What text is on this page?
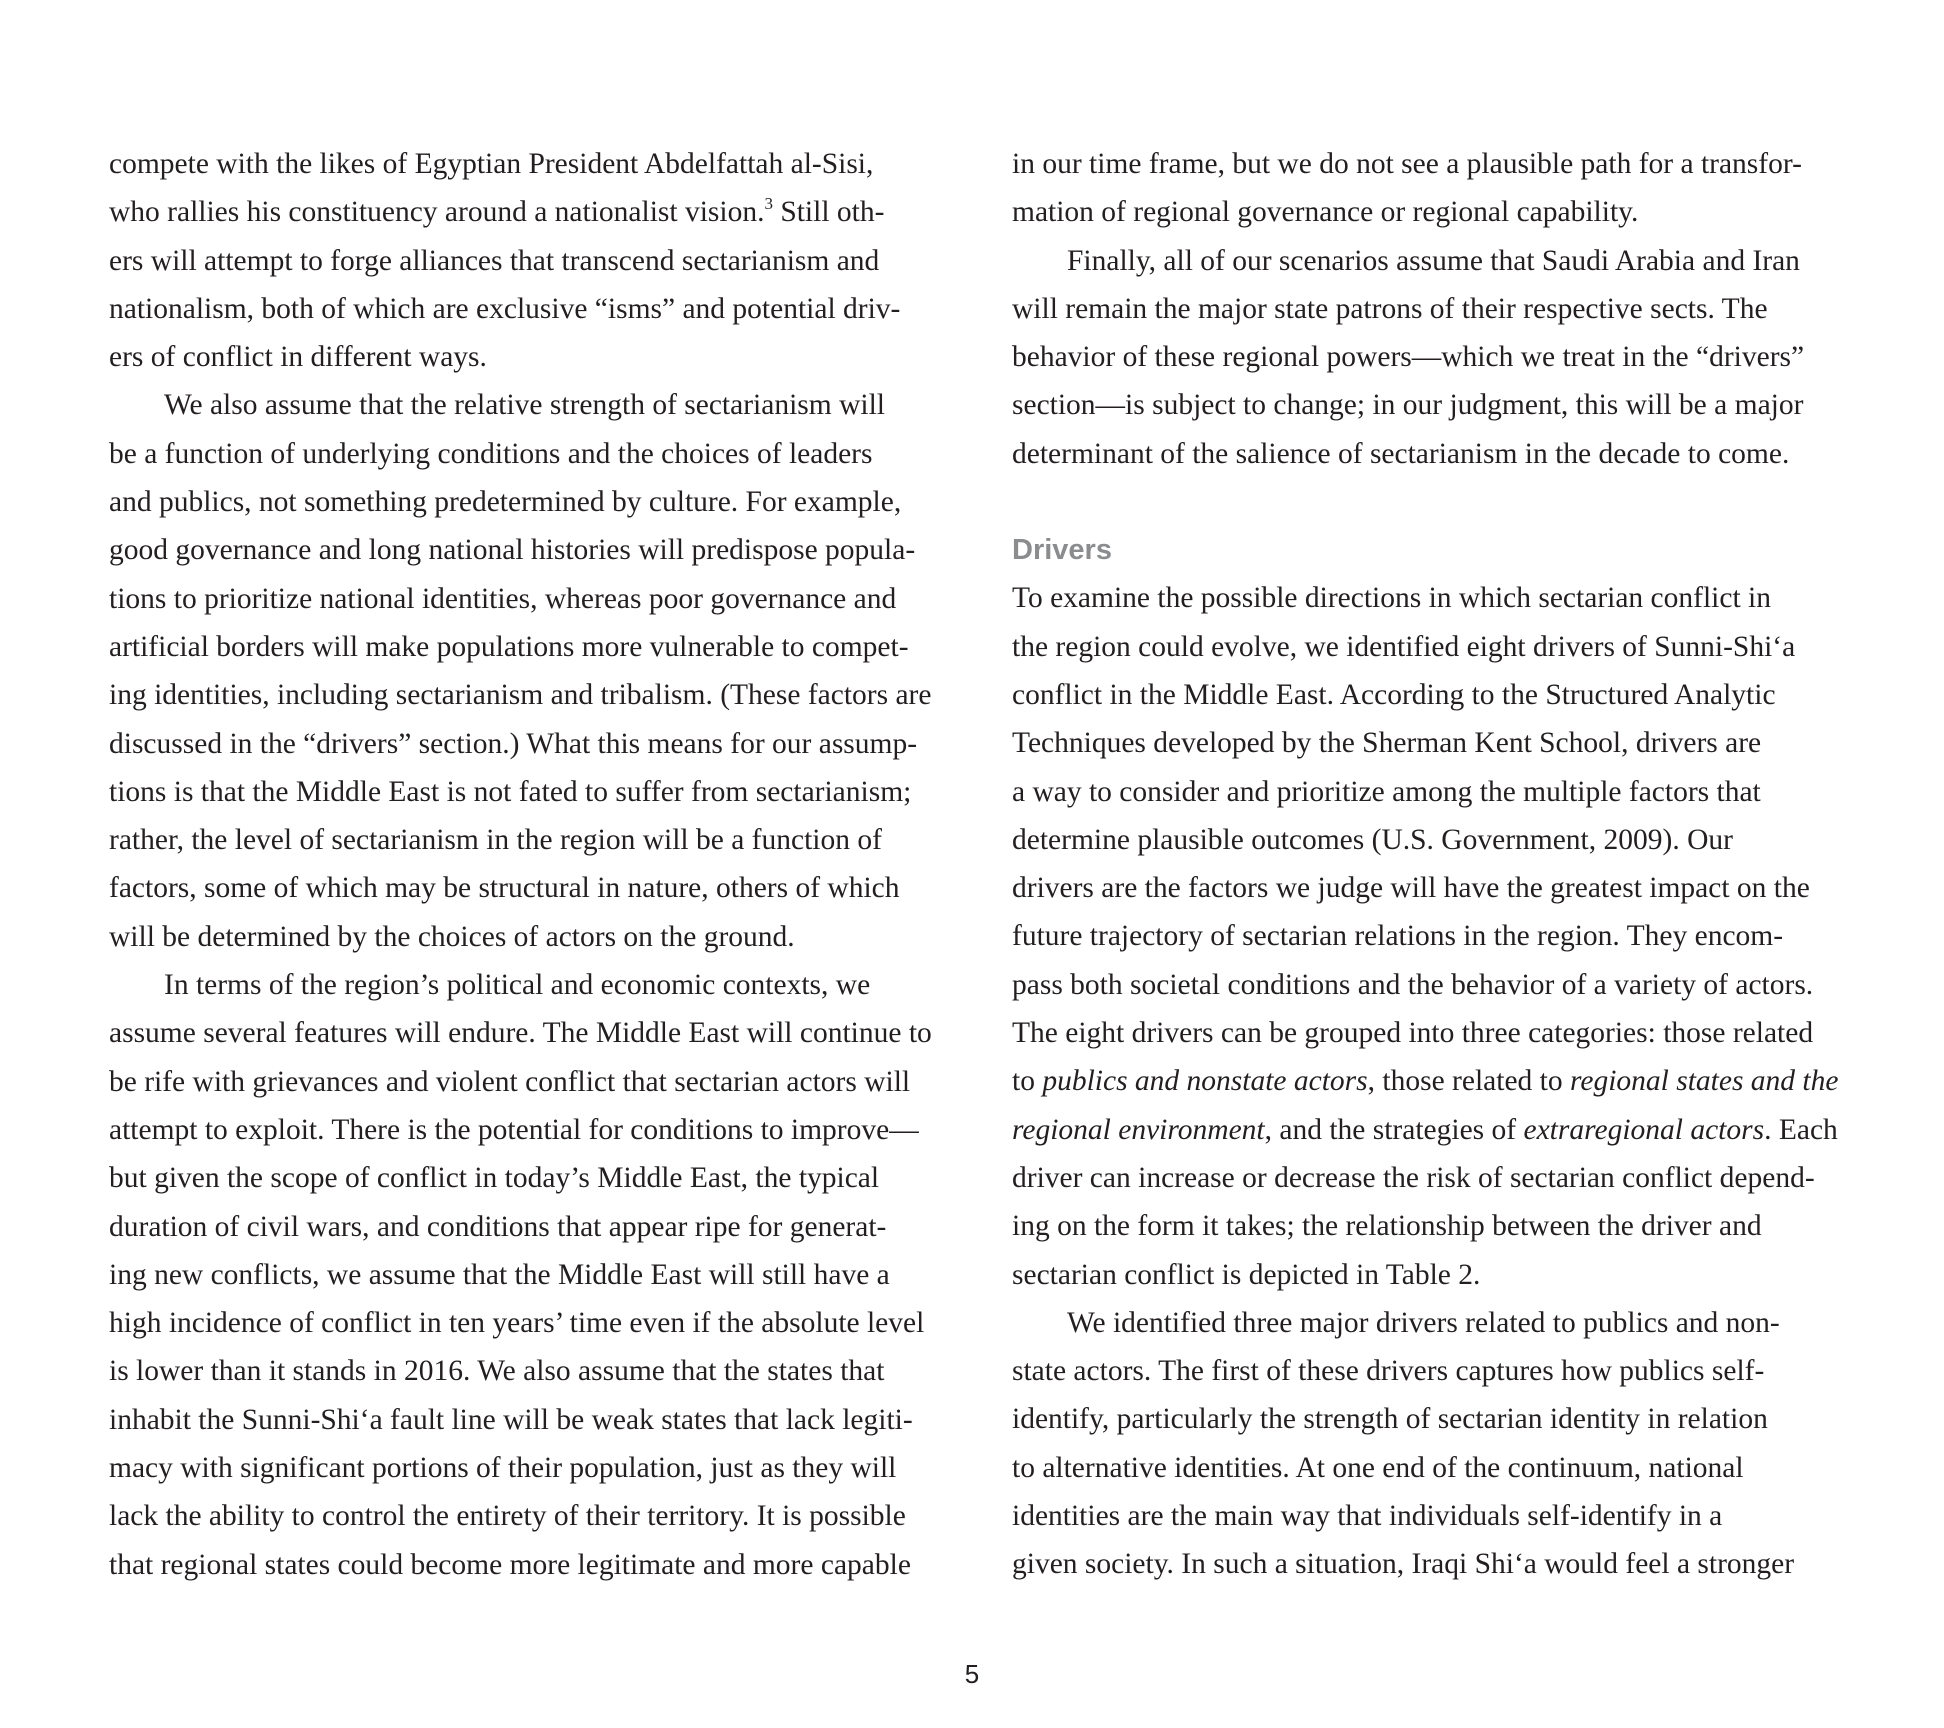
compete with the likes of Egyptian President Abdelfattah al-Sisi,
who rallies his constituency around a nationalist vision.$^3$ Still oth-
ers will attempt to forge alliances that transcend sectarianism and
nationalism, both of which are exclusive “isms” and potential driv-
ers of conflict in different ways.
We also assume that the relative strength of sectarianism will
be a function of underlying conditions and the choices of leaders
and publics, not something predetermined by culture. For example,
good governance and long national histories will predispose popula-
tions to prioritize national identities, whereas poor governance and
artificial borders will make populations more vulnerable to compet-
ing identities, including sectarianism and tribalism. (These factors are
discussed in the “drivers” section.) What this means for our assump-
tions is that the Middle East is not fated to suffer from sectarianism;
rather, the level of sectarianism in the region will be a function of
factors, some of which may be structural in nature, others of which
will be determined by the choices of actors on the ground.
In terms of the region’s political and economic contexts, we
assume several features will endure. The Middle East will continue to
be rife with grievances and violent conflict that sectarian actors will
attempt to exploit. There is the potential for conditions to improve—
but given the scope of conflict in today’s Middle East, the typical
duration of civil wars, and conditions that appear ripe for generat-
ing new conflicts, we assume that the Middle East will still have a
high incidence of conflict in ten years’ time even if the absolute level
is lower than it stands in 2016. We also assume that the states that
inhabit the Sunni-Shi‘a fault line will be weak states that lack legiti-
macy with significant portions of their population, just as they will
lack the ability to control the entirety of their territory. It is possible
that regional states could become more legitimate and more capable
in our time frame, but we do not see a plausible path for a transfor-
mation of regional governance or regional capability.
Finally, all of our scenarios assume that Saudi Arabia and Iran
will remain the major state patrons of their respective sects. The
behavior of these regional powers—which we treat in the “drivers”
section—is subject to change; in our judgment, this will be a major
determinant of the salience of sectarianism in the decade to come.
Drivers
To examine the possible directions in which sectarian conflict in
the region could evolve, we identified eight drivers of Sunni-Shi‘a
conflict in the Middle East. According to the Structured Analytic
Techniques developed by the Sherman Kent School, drivers are
a way to consider and prioritize among the multiple factors that
determine plausible outcomes (U.S. Government, 2009). Our
drivers are the factors we judge will have the greatest impact on the
future trajectory of sectarian relations in the region. They encom-
pass both societal conditions and the behavior of a variety of actors.
The eight drivers can be grouped into three categories: those related
to publics and nonstate actors, those related to regional states and the
regional environment, and the strategies of extraregional actors. Each
driver can increase or decrease the risk of sectarian conflict depend-
ing on the form it takes; the relationship between the driver and
sectarian conflict is depicted in Table 2.
We identified three major drivers related to publics and non-
state actors. The first of these drivers captures how publics self-
identify, particularly the strength of sectarian identity in relation
to alternative identities. At one end of the continuum, national
identities are the main way that individuals self-identify in a
given society. In such a situation, Iraqi Shi‘a would feel a stronger
5
